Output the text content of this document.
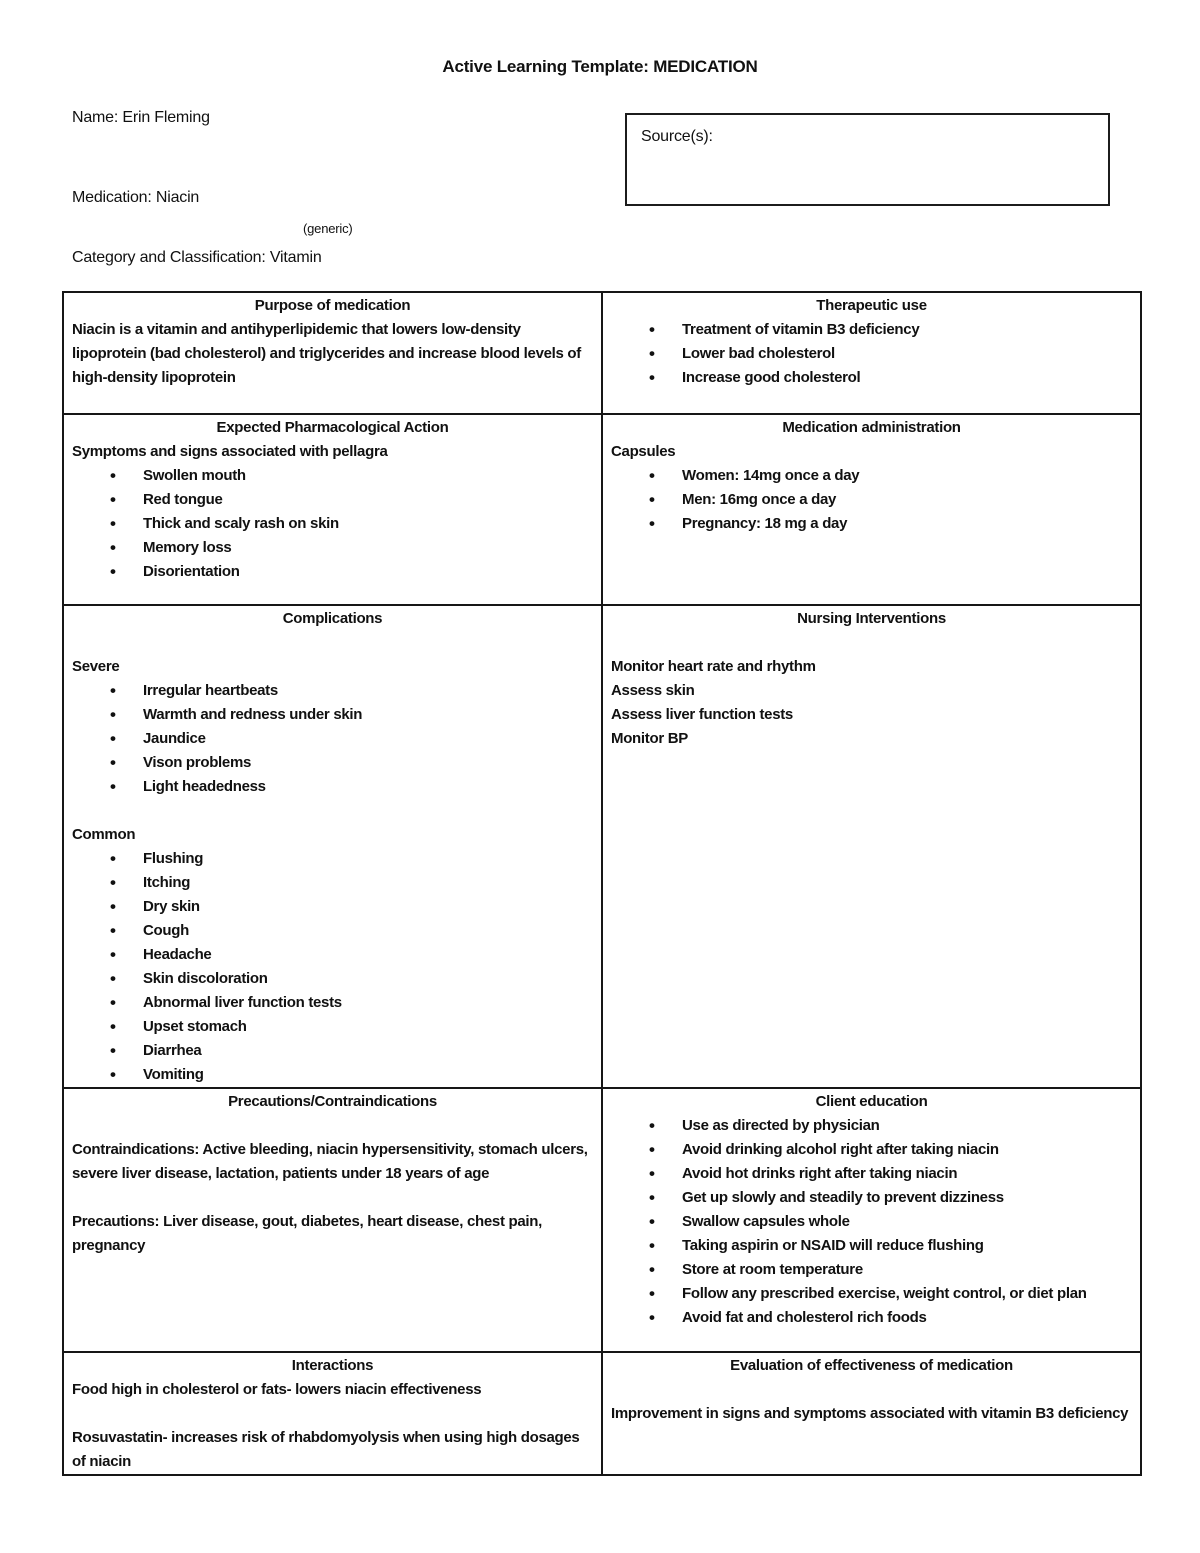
Active Learning Template: MEDICATION
Name: Erin Fleming
Source(s):
Medication: Niacin
(generic)
Category and Classification: Vitamin
Purpose of medication

Niacin is a vitamin and antihyperlipidemic that lowers low-density lipoprotein (bad cholesterol) and triglycerides and increase blood levels of high-density lipoprotein

Therapeutic use
• Treatment of vitamin B3 deficiency
• Lower bad cholesterol
• Increase good cholesterol

Expected Pharmacological Action

Symptoms and signs associated with pellagra

• Swollen mouth
• Red tongue
• Thick and scaly rash on skin
• Memory loss
• Disorientation

Medication administration

Capsules

• Women: 14mg once a day
• Men: 16mg once a day
• Pregnancy: 18 mg a day

Complications

Severe

• Irregular heartbeats
• Warmth and redness under skin
• Jaundice
• Vison problems
• Light headedness

Common

• Flushing
• Itching
• Dry skin
• Cough
• Headache
• Skin discoloration
• Abnormal liver function tests
• Upset stomach
• Diarrhea
• Vomiting

Nursing Interventions

Monitor heart rate and rhythm

Assess skin

Assess liver function tests

Monitor BP

Precautions/Contraindications

Contraindications: Active bleeding, niacin hypersensitivity, stomach ulcers, severe liver disease, lactation, patients under 18 years of age

Precautions: Liver disease, gout, diabetes, heart disease, chest pain, pregnancy

Client education
• Use as directed by physician
• Avoid drinking alcohol right after taking niacin
• Avoid hot drinks right after taking niacin
• Get up slowly and steadily to prevent dizziness
• Swallow capsules whole
• Taking aspirin or NSAID will reduce flushing
• Store at room temperature
• Follow any prescribed exercise, weight control, or diet plan
• Avoid fat and cholesterol rich foods

Interactions

Food high in cholesterol or fats- lowers niacin effectiveness

Rosuvastatin- increases risk of rhabdomyolysis when using high dosages of niacin

Evaluation of effectiveness of medication

Improvement in signs and symptoms associated with vitamin B3 deficiency
